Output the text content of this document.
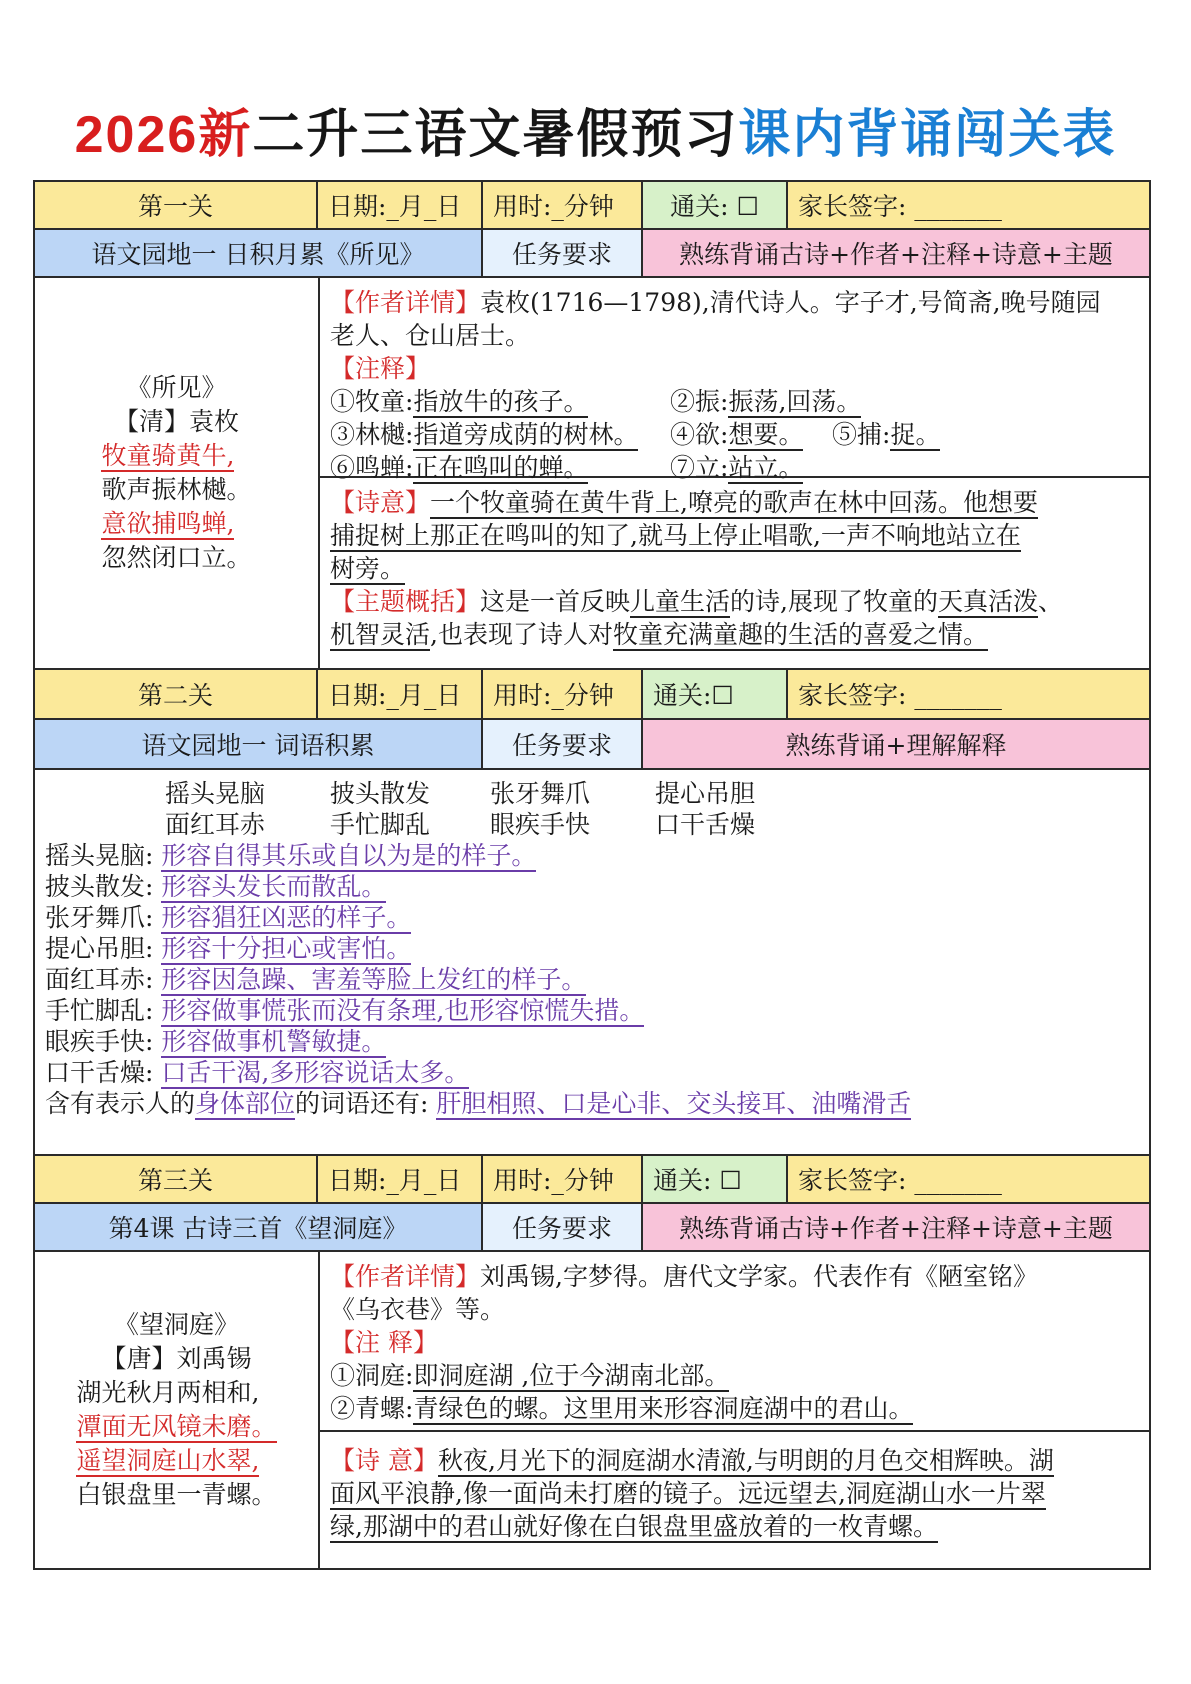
2026新二升三语文暑假预习课内背诵闯关表
第一关	日期:_月_日	用时:_分钟	通关: ☐	家长签字: _______
语文园地一 日积月累《所见》	任务要求	熟练背诵古诗+作者+注释+诗意+主题
《所见》
【清】袁枚
牧童骑黄牛,
歌声振林樾。
意欲捕鸣蝉,
忽然闭口立。
【作者详情】袁枚(1716—1798),清代诗人。字子才,号简斋,晚号随园
老人、仓山居士。
【注释】
①牧童:指放牛的孩子。	②振:振荡,回荡。
③林樾:指道旁成荫的树林。	④欲:想要。	⑤捕:捉。
⑥鸣蝉:正在鸣叫的蝉。	⑦立:站立。
【诗意】一个牧童骑在黄牛背上,嘹亮的歌声在林中回荡。他想要
捕捉树上那正在鸣叫的知了,就马上停止唱歌,一声不响地站立在
树旁。
【主题概括】这是一首反映儿童生活的诗,展现了牧童的天真活泼、
机智灵活,也表现了诗人对牧童充满童趣的生活的喜爱之情。
第二关	日期:_月_日	用时:_分钟	通关:☐	家长签字: _______
语文园地一 词语积累	任务要求	熟练背诵+理解解释
摇头晃脑	披头散发	张牙舞爪	提心吊胆
面红耳赤	手忙脚乱	眼疾手快	口干舌燥
摇头晃脑: 形容自得其乐或自以为是的样子。
披头散发: 形容头发长而散乱。
张牙舞爪: 形容猖狂凶恶的样子。
提心吊胆: 形容十分担心或害怕。
面红耳赤: 形容因急躁、害羞等脸上发红的样子。
手忙脚乱: 形容做事慌张而没有条理,也形容惊慌失措。
眼疾手快: 形容做事机警敏捷。
口干舌燥: 口舌干渴,多形容说话太多。
含有表示人的身体部位的词语还有: 肝胆相照、口是心非、交头接耳、油嘴滑舌
第三关	日期:_月_日	用时:_分钟	通关: ☐	家长签字: _______
第4课 古诗三首《望洞庭》	任务要求	熟练背诵古诗+作者+注释+诗意+主题
《望洞庭》
【唐】刘禹锡
湖光秋月两相和,
潭面无风镜未磨。
遥望洞庭山水翠,
白银盘里一青螺。
【作者详情】刘禹锡,字梦得。唐代文学家。代表作有《陋室铭》
《乌衣巷》等。
【注 释】
①洞庭:即洞庭湖 ,位于今湖南北部。
②青螺:青绿色的螺。这里用来形容洞庭湖中的君山。
【诗 意】秋夜,月光下的洞庭湖水清澈,与明朗的月色交相辉映。湖
面风平浪静,像一面尚未打磨的镜子。远远望去,洞庭湖山水一片翠
绿,那湖中的君山就好像在白银盘里盛放着的一枚青螺。
